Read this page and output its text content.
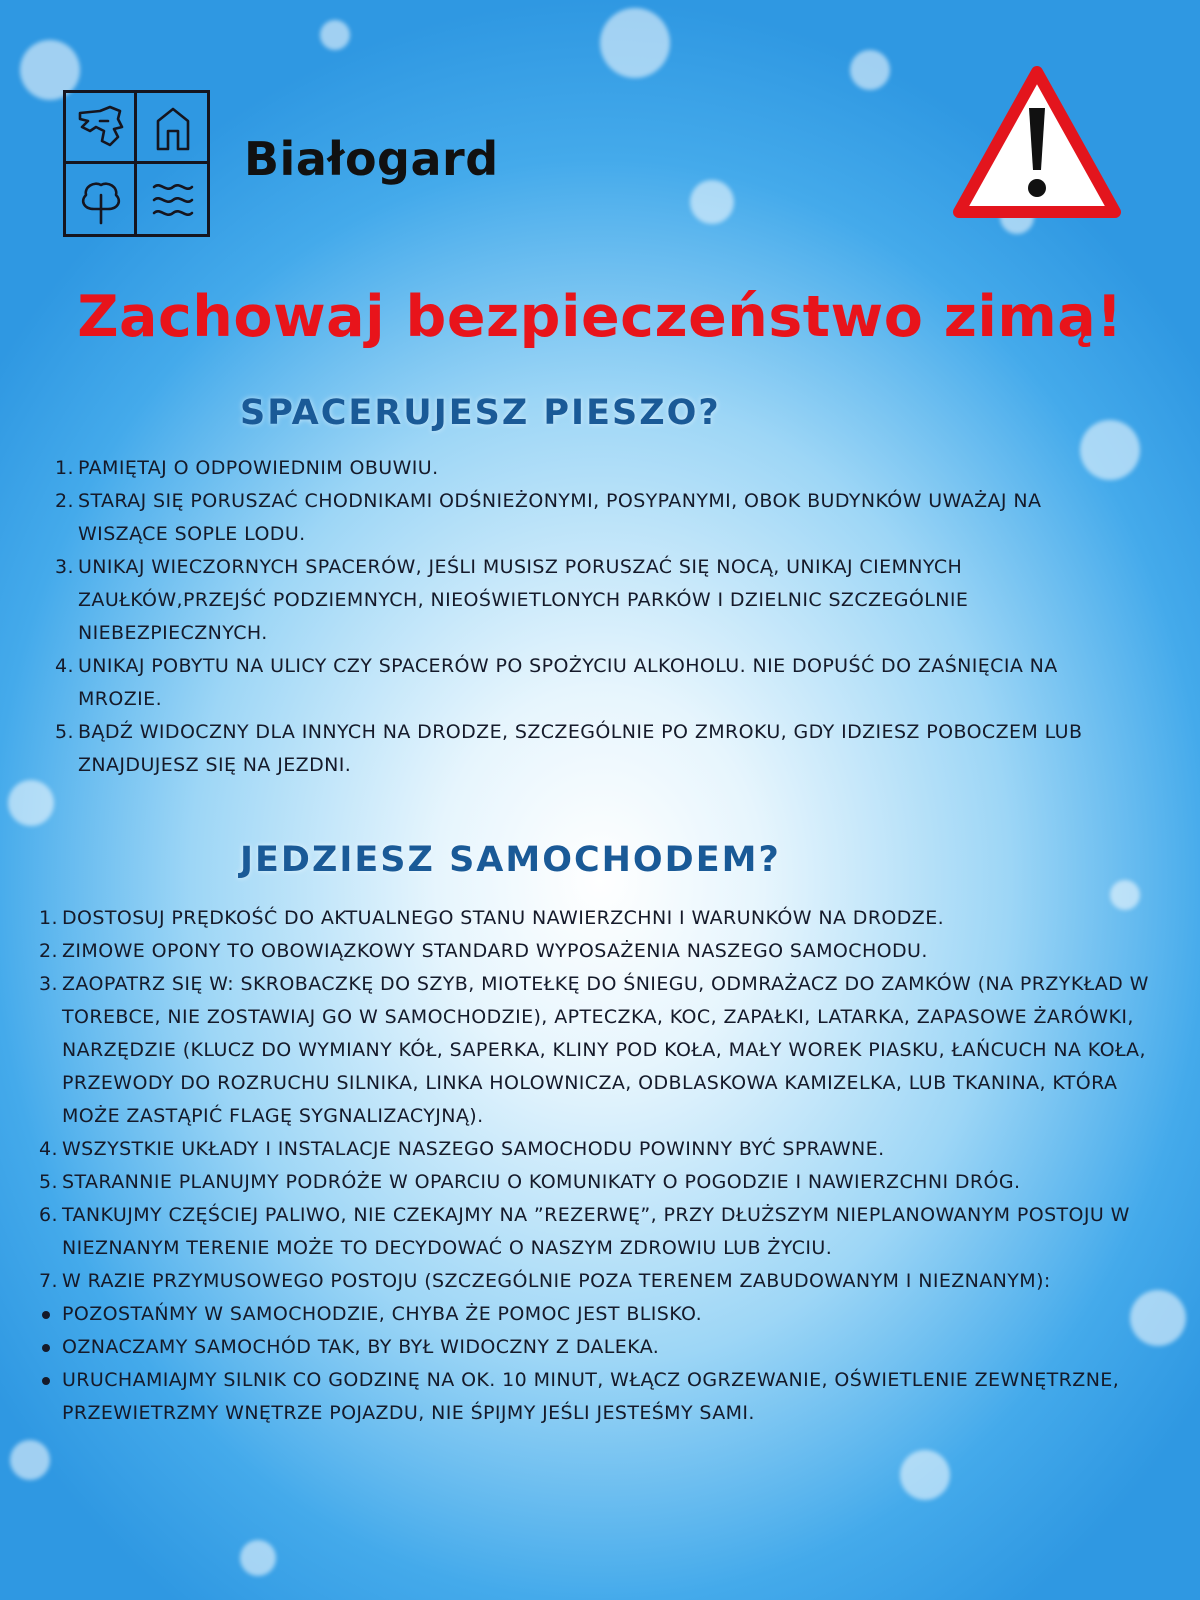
Białogard
Zachowaj bezpieczeństwo zimą!
SPACERUJESZ PIESZO?
1. PAMIĘTAJ O ODPOWIEDNIM OBUWIU.
2. STARAJ SIĘ PORUSZAĆ CHODNIKAMI ODŚNIEŻONYMI, POSYPANYMI, OBOK BUDYNKÓW UWAŻAJ NA WISZĄCE SOPLE LODU.
3. UNIKAJ WIECZORNYCH SPACERÓW, JEŚLI MUSISZ PORUSZAĆ SIĘ NOCĄ, UNIKAJ CIEMNYCH ZAUŁKÓW,PRZEJŚĆ PODZIEMNYCH, NIEOŚWIETLONYCH PARKÓW I DZIELNIC SZCZEGÓLNIE NIEBEZPIECZNYCH.
4. UNIKAJ POBYTU NA ULICY CZY SPACERÓW PO SPOŻYCIU ALKOHOLU. NIE DOPUŚĆ DO ZAŚNIĘCIA NA MROZIE.
5. BĄDŹ WIDOCZNY DLA INNYCH NA DRODZE, SZCZEGÓLNIE PO ZMROKU, GDY IDZIESZ POBOCZEM LUB ZNAJDUJESZ SIĘ NA JEZDNI.
JEDZIESZ SAMOCHODEM?
1. DOSTOSUJ PRĘDKOŚĆ DO AKTUALNEGO STANU NAWIERZCHNI I WARUNKÓW NA DRODZE.
2. ZIMOWE OPONY TO OBOWIĄZKOWY STANDARD WYPOSAŻENIA NASZEGO SAMOCHODU.
3. ZAOPATRZ SIĘ W: SKROBACZKĘ DO SZYB, MIOTEŁKĘ DO ŚNIEGU, ODMRAŻACZ DO ZAMKÓW (NA PRZYKŁAD W TOREBCE, NIE ZOSTAWIAJ GO W SAMOCHODZIE), APTECZKA, KOC, ZAPAŁKI, LATARKA, ZAPASOWE ŻARÓWKI, NARZĘDZIE (KLUCZ DO WYMIANY KÓŁ, SAPERKA, KLINY POD KOŁA, MAŁY WOREK PIASKU, ŁAŃCUCH NA KOŁA, PRZEWODY DO ROZRUCHU SILNIKA, LINKA HOLOWNICZA, ODBLASKOWA KAMIZELKA, LUB TKANINA, KTÓRA MOŻE ZASTĄPIĆ FLAGĘ SYGNALIZACYJNĄ).
4. WSZYSTKIE UKŁADY I INSTALACJE NASZEGO SAMOCHODU POWINNY BYĆ SPRAWNE.
5. STARANNIE PLANUJMY PODRÓŻE W OPARCIU O KOMUNIKATY O POGODZIE I NAWIERZCHNI DRÓG.
6. TANKUJMY CZĘŚCIEJ PALIWO, NIE CZEKAJMY NA ”REZERWĘ”, PRZY DŁUŻSZYM NIEPLANOWANYM POSTOJU W NIEZNANYM TERENIE MOŻE TO DECYDOWAĆ O NASZYM ZDROWIU LUB ŻYCIU.
7. W RAZIE PRZYMUSOWEGO POSTOJU (SZCZEGÓLNIE POZA TERENEM ZABUDOWANYM I NIEZNANYM):
POZOSTAŃMY W SAMOCHODZIE, CHYBA ŻE POMOC JEST BLISKO.
OZNACZAMY SAMOCHÓD TAK, BY BYŁ WIDOCZNY Z DALEKA.
URUCHAMIAJMY SILNIK CO GODZINĘ NA OK. 10 MINUT, WŁĄCZ OGRZEWANIE, OŚWIETLENIE ZEWNĘTRZNE, PRZEWIETRZMY WNĘTRZE POJAZDU, NIE ŚPIJMY JEŚLI JESTEŚMY SAMI.
